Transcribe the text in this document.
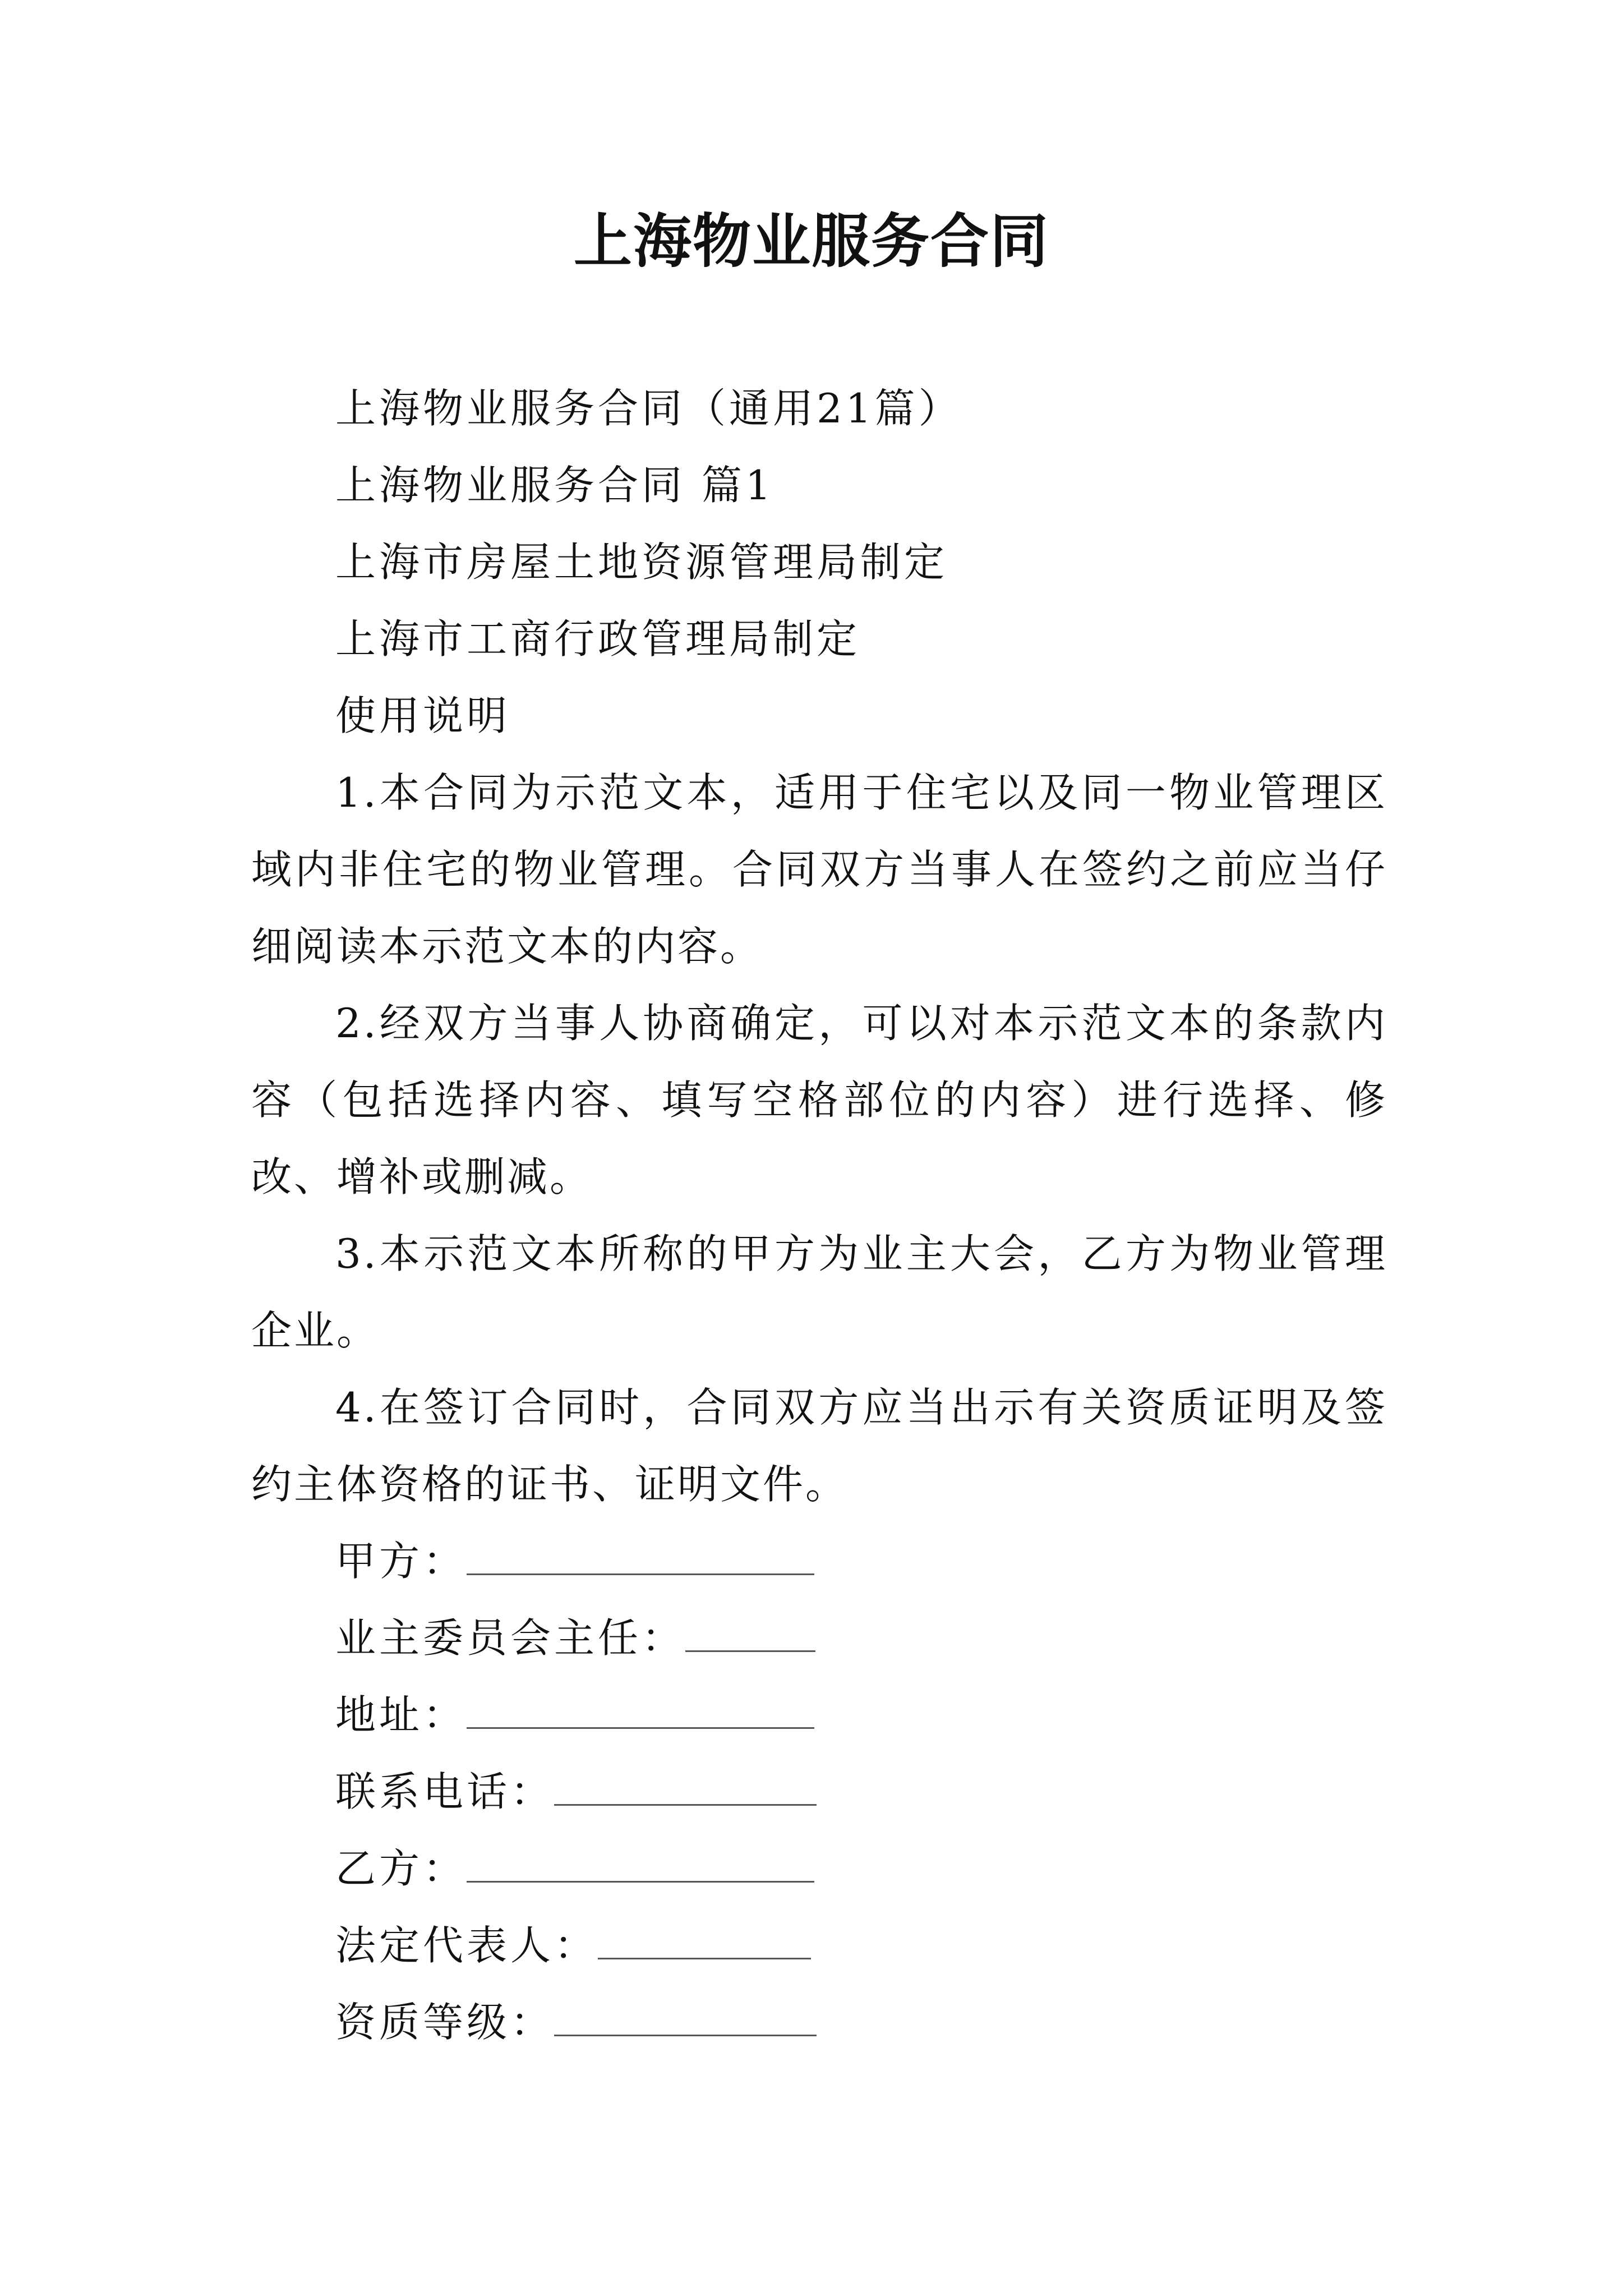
上海物业服务合同
上海物业服务合同（通用21篇）
上海物业服务合同 篇1
上海市房屋土地资源管理局制定
上海市工商行政管理局制定
使用说明

1.本合同为示范文本，适用于住宅以及同一物业管理区域内非住宅的物业管理。合同双方当事人在签约之前应当仔细阅读本示范文本的内容。

2.经双方当事人协商确定，可以对本示范文本的条款内容（包括选择内容、填写空格部位的内容）进行选择、修改、增补或删减。

3.本示范文本所称的甲方为业主大会，乙方为物业管理企业。

4.在签订合同时，合同双方应当出示有关资质证明及签约主体资格的证书、证明文件。

甲方：
业主委员会主任：
地址：
联系电话：
乙方：
法定代表人：
资质等级：
